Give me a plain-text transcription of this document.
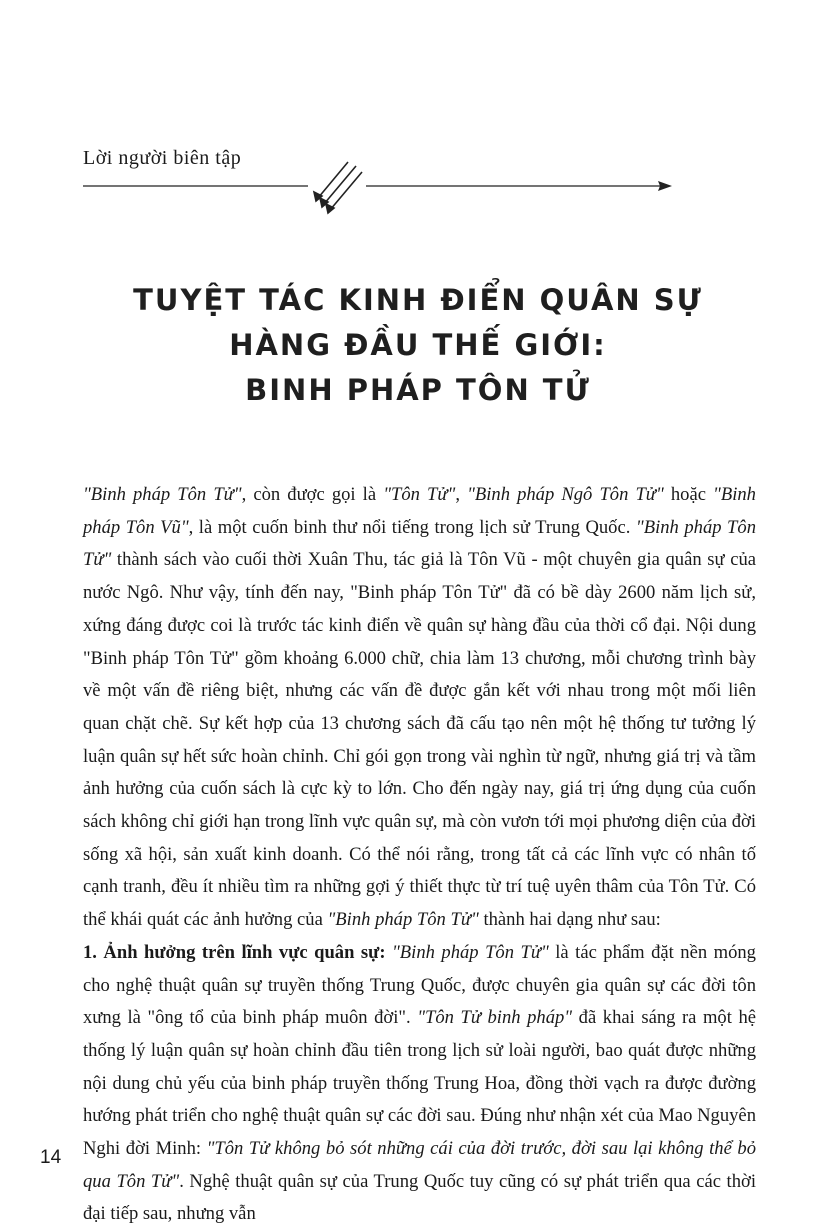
Lời người biên tập
TUYỆT TÁC KINH ĐIỂN QUÂN SỰ
HÀNG ĐẦU THẾ GIỚI:
BINH PHÁP TÔN TỬ

"Binh pháp Tôn Tử", còn được gọi là "Tôn Tử", "Binh pháp Ngô Tôn Tử" hoặc "Binh pháp Tôn Vũ", là một cuốn binh thư nổi tiếng trong lịch sử Trung Quốc. "Binh pháp Tôn Tử" thành sách vào cuối thời Xuân Thu, tác giả là Tôn Vũ - một chuyên gia quân sự của nước Ngô. Như vậy, tính đến nay, "Binh pháp Tôn Tử" đã có bề dày 2600 năm lịch sử, xứng đáng được coi là trước tác kinh điển về quân sự hàng đầu của thời cổ đại. Nội dung "Binh pháp Tôn Tử" gồm khoảng 6.000 chữ, chia làm 13 chương, mỗi chương trình bày về một vấn đề riêng biệt, nhưng các vấn đề được gắn kết với nhau trong một mối liên quan chặt chẽ. Sự kết hợp của 13 chương sách đã cấu tạo nên một hệ thống tư tưởng lý luận quân sự hết sức hoàn chỉnh. Chỉ gói gọn trong vài nghìn từ ngữ, nhưng giá trị và tầm ảnh hưởng của cuốn sách là cực kỳ to lớn. Cho đến ngày nay, giá trị ứng dụng của cuốn sách không chỉ giới hạn trong lĩnh vực quân sự, mà còn vươn tới mọi phương diện của đời sống xã hội, sản xuất kinh doanh. Có thể nói rằng, trong tất cả các lĩnh vực có nhân tố cạnh tranh, đều ít nhiều tìm ra những gợi ý thiết thực từ trí tuệ uyên thâm của Tôn Tử. Có thể khái quát các ảnh hưởng của "Binh pháp Tôn Tử" thành hai dạng như sau:

1. Ảnh hưởng trên lĩnh vực quân sự: "Binh pháp Tôn Tử" là tác phẩm đặt nền móng cho nghệ thuật quân sự truyền thống Trung Quốc, được chuyên gia quân sự các đời tôn xưng là "ông tổ của binh pháp muôn đời". "Tôn Tử binh pháp" đã khai sáng ra một hệ thống lý luận quân sự hoàn chỉnh đầu tiên trong lịch sử loài người, bao quát được những nội dung chủ yếu của binh pháp truyền thống Trung Hoa, đồng thời vạch ra được đường hướng phát triển cho nghệ thuật quân sự các đời sau. Đúng như nhận xét của Mao Nguyên Nghi đời Minh: "Tôn Tử không bỏ sót những cái của đời trước, đời sau lại không thể bỏ qua Tôn Tử". Nghệ thuật quân sự của Trung Quốc tuy cũng có sự phát triển qua các thời đại tiếp sau, nhưng vẫn

14
